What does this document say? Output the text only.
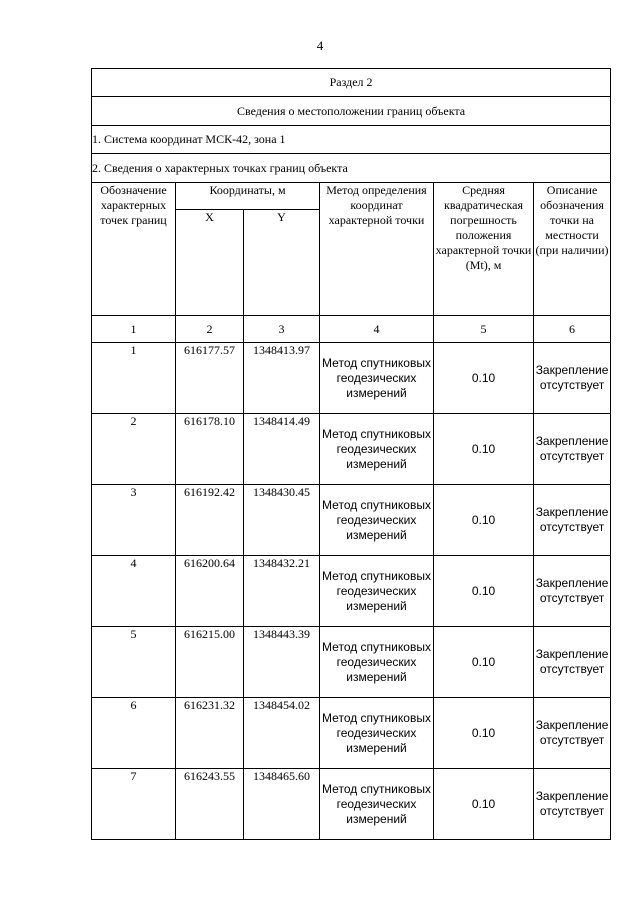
4
Раздел 2					
Сведения о местоположении границ объекта					
1. Система координат МСК-42, зона 1					
2. Сведения о характерных точках границ объекта					
Обозначение характерных точек границ	Координаты, м		Метод определения координат характерной точки	Средняя квадратическая погрешность положения характерной точки (Mt), м	Описание обозначения точки на местности (при наличии)
	X	Y			
1	2	3	4	5	6
1	616177.57	1348413.97	Метод спутниковых геодезических измерений	0.10	Закрепление отсутствует
2	616178.10	1348414.49	Метод спутниковых геодезических измерений	0.10	Закрепление отсутствует
3	616192.42	1348430.45	Метод спутниковых геодезических измерений	0.10	Закрепление отсутствует
4	616200.64	1348432.21	Метод спутниковых геодезических измерений	0.10	Закрепление отсутствует
5	616215.00	1348443.39	Метод спутниковых геодезических измерений	0.10	Закрепление отсутствует
6	616231.32	1348454.02	Метод спутниковых геодезических измерений	0.10	Закрепление отсутствует
7	616243.55	1348465.60	Метод спутниковых геодезических измерений	0.10	Закрепление отсутствует
